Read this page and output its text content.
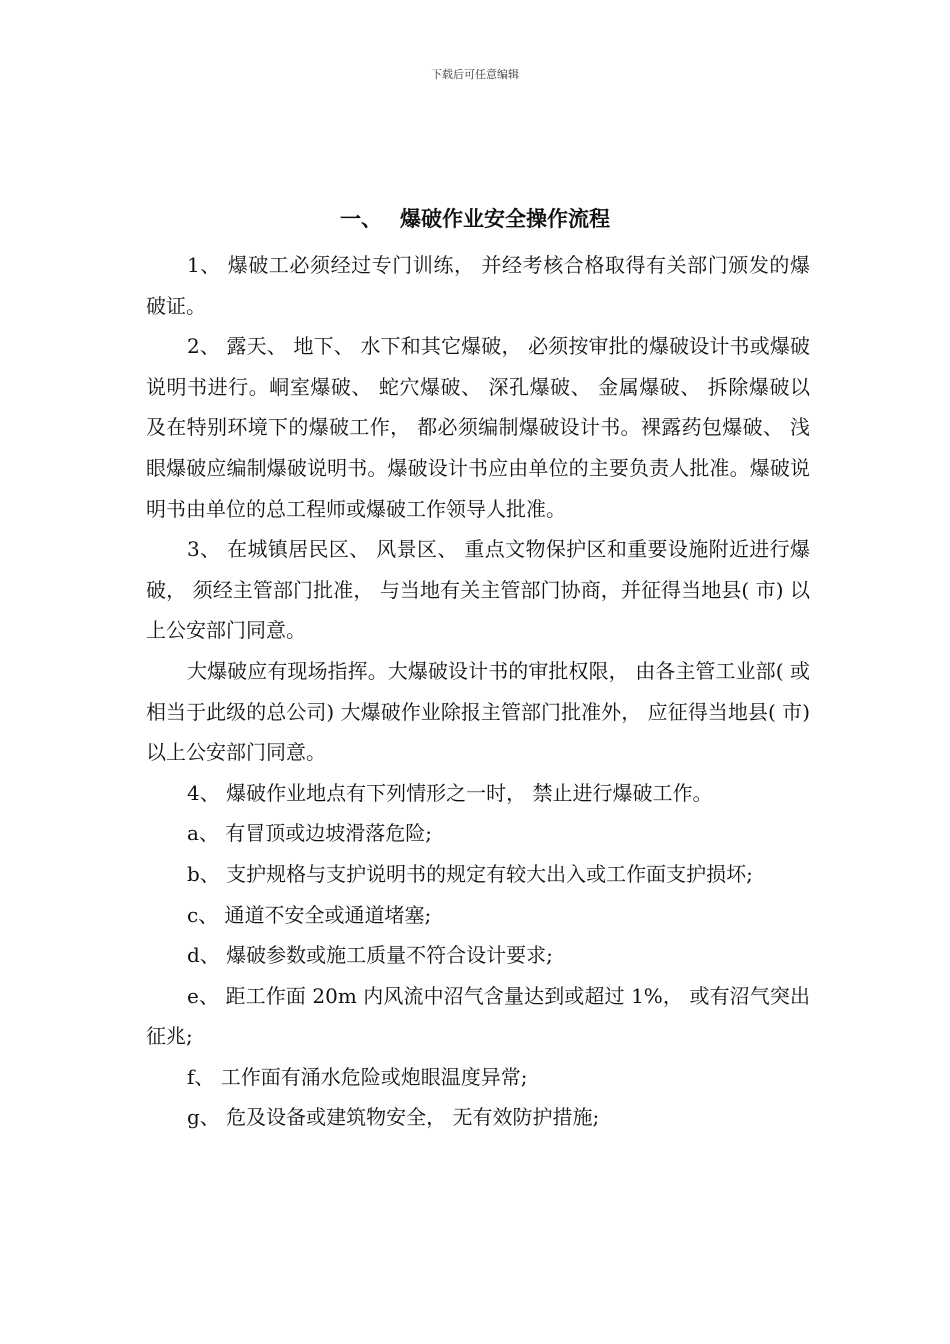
下载后可任意编辑
一、 爆破作业安全操作流程

1、 爆破工必须经过专门训练， 并经考核合格取得有关部门颁发的爆破证。

2、 露天、 地下、 水下和其它爆破， 必须按审批的爆破设计书或爆破说明书进行。峒室爆破、 蛇穴爆破、 深孔爆破、 金属爆破、 拆除爆破以及在特别环境下的爆破工作， 都必须编制爆破设计书。裸露药包爆破、 浅眼爆破应编制爆破说明书。爆破设计书应由单位的主要负责人批准。爆破说明书由单位的总工程师或爆破工作领导人批准。

3、 在城镇居民区、 风景区、 重点文物保护区和重要设施附近进行爆破， 须经主管部门批准， 与当地有关主管部门协商，并征得当地县( 市) 以上公安部门同意。

大爆破应有现场指挥。大爆破设计书的审批权限， 由各主管工业部( 或相当于此级的总公司) 大爆破作业除报主管部门批准外， 应征得当地县( 市) 以上公安部门同意。

4、 爆破作业地点有下列情形之一时， 禁止进行爆破工作。

a、 有冒顶或边坡滑落危险;

b、 支护规格与支护说明书的规定有较大出入或工作面支护损坏;

c、 通道不安全或通道堵塞;

d、 爆破参数或施工质量不符合设计要求;

e、 距工作面 20m 内风流中沼气含量达到或超过 1%， 或有沼气突出征兆;

f、 工作面有涌水危险或炮眼温度异常;

g、 危及设备或建筑物安全， 无有效防护措施;
